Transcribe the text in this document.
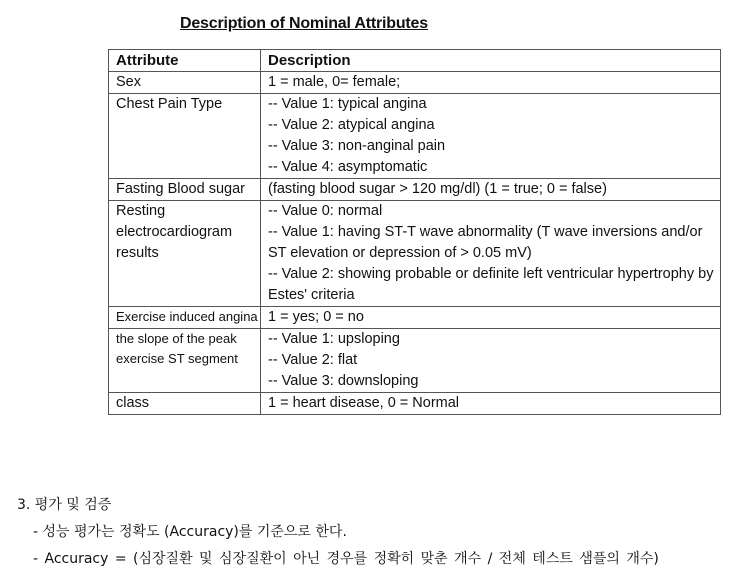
Description of Nominal Attributes
Attribute	Description
Sex	1 = male, 0= female;

Chest Pain Type	-- Value 1: typical angina
-- Value 2: atypical angina
-- Value 3: non-anginal pain
-- Value 4: asymptomatic

Fasting Blood sugar	(fasting blood sugar > 120 mg/dl) (1 = true; 0 = false)

Resting electrocardiogram results	-- Value 0: normal
-- Value 1: having ST-T wave abnormality (T wave inversions and/or ST elevation or depression of > 0.05 mV)
-- Value 2: showing probable or definite left ventricular hypertrophy by Estes' criteria

Exercise induced angina	1 = yes; 0 = no

the slope of the peak exercise ST segment	-- Value 1: upsloping
-- Value 2: flat
-- Value 3: downsloping

class	1 = heart disease, 0 = Normal
3. 평가 및 검증
- 성능 평가는 정확도 (Accuracy)를 기준으로 한다.
- Accuracy = (심장질환 및 심장질환이 아닌 경우를 정확히 맞춘 개수 / 전체 테스트 샘플의 개수)
